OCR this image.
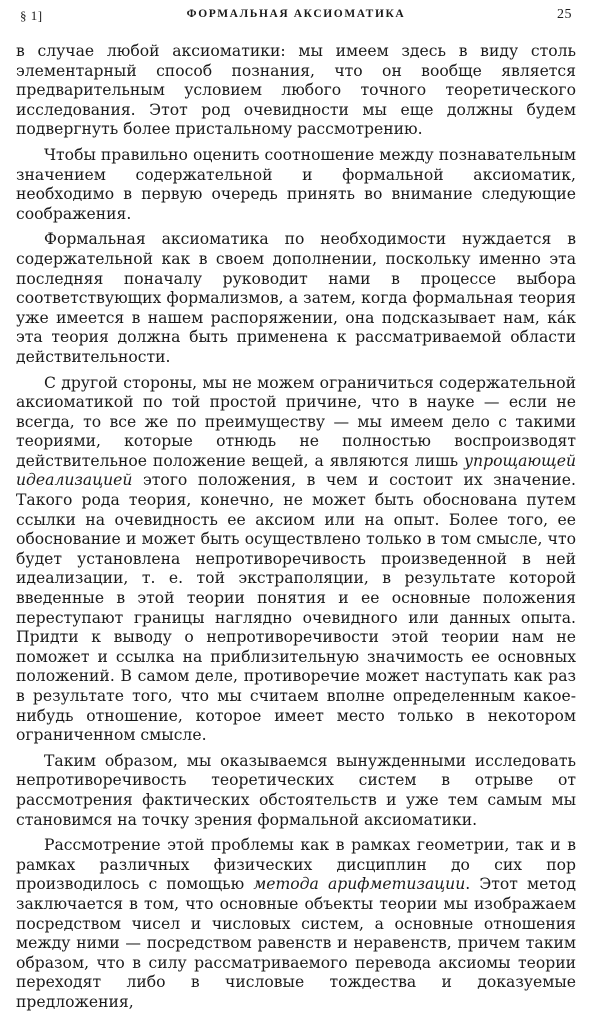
§ 1]	ФОРМАЛЬНАЯ АКСИОМАТИКА	25

в случае любой аксиоматики: мы имеем здесь в виду столь элементарный способ познания, что он вообще является предварительным условием любого точного теоретического исследования. Этот род очевидности мы еще должны будем подвергнуть более пристальному рассмотрению.

Чтобы правильно оценить соотношение между познавательным значением содержательной и формальной аксиоматик, необходимо в первую очередь принять во внимание следующие соображения.

Формальная аксиоматика по необходимости нуждается в содержательной как в своем дополнении, поскольку именно эта последняя поначалу руководит нами в процессе выбора соответствующих формализмов, а затем, когда формальная теория уже имеется в нашем распоряжении, она подсказывает нам, ка́к эта теория должна быть применена к рассматриваемой области действительности.

С другой стороны, мы не можем ограничиться содержательной аксиоматикой по той простой причине, что в науке — если не всегда, то все же по преимуществу — мы имеем дело с такими теориями, которые отнюдь не полностью воспроизводят действительное положение вещей, а являются лишь упрощающей идеализацией этого положения, в чем и состоит их значение. Такого рода теория, конечно, не может быть обоснована путем ссылки на очевидность ее аксиом или на опыт. Более того, ее обоснование и может быть осуществлено только в том смысле, что будет установлена непротиворечивость произведенной в ней идеализации, т. е. той экстраполяции, в результате которой введенные в этой теории понятия и ее основные положения переступают границы наглядно очевидного или данных опыта. Придти к выводу о непротиворечивости этой теории нам не поможет и ссылка на приблизительную значимость ее основных положений. В самом деле, противоречие может наступать как раз в результате того, что мы считаем вполне определенным какое-нибудь отношение, которое имеет место только в некотором ограниченном смысле.

Таким образом, мы оказываемся вынужденными исследовать непротиворечивость теоретических систем в отрыве от рассмотрения фактических обстоятельств и уже тем самым мы становимся на точку зрения формальной аксиоматики.

Рассмотрение этой проблемы как в рамках геометрии, так и в рамках различных физических дисциплин до сих пор производилось с помощью метода арифметизации. Этот метод заключается в том, что основные объекты теории мы изображаем посредством чисел и числовых систем, а основные отношения между ними — посредством равенств и неравенств, причем таким образом, что в силу рассматриваемого перевода аксиомы теории переходят либо в числовые тождества и доказуемые предложения,
